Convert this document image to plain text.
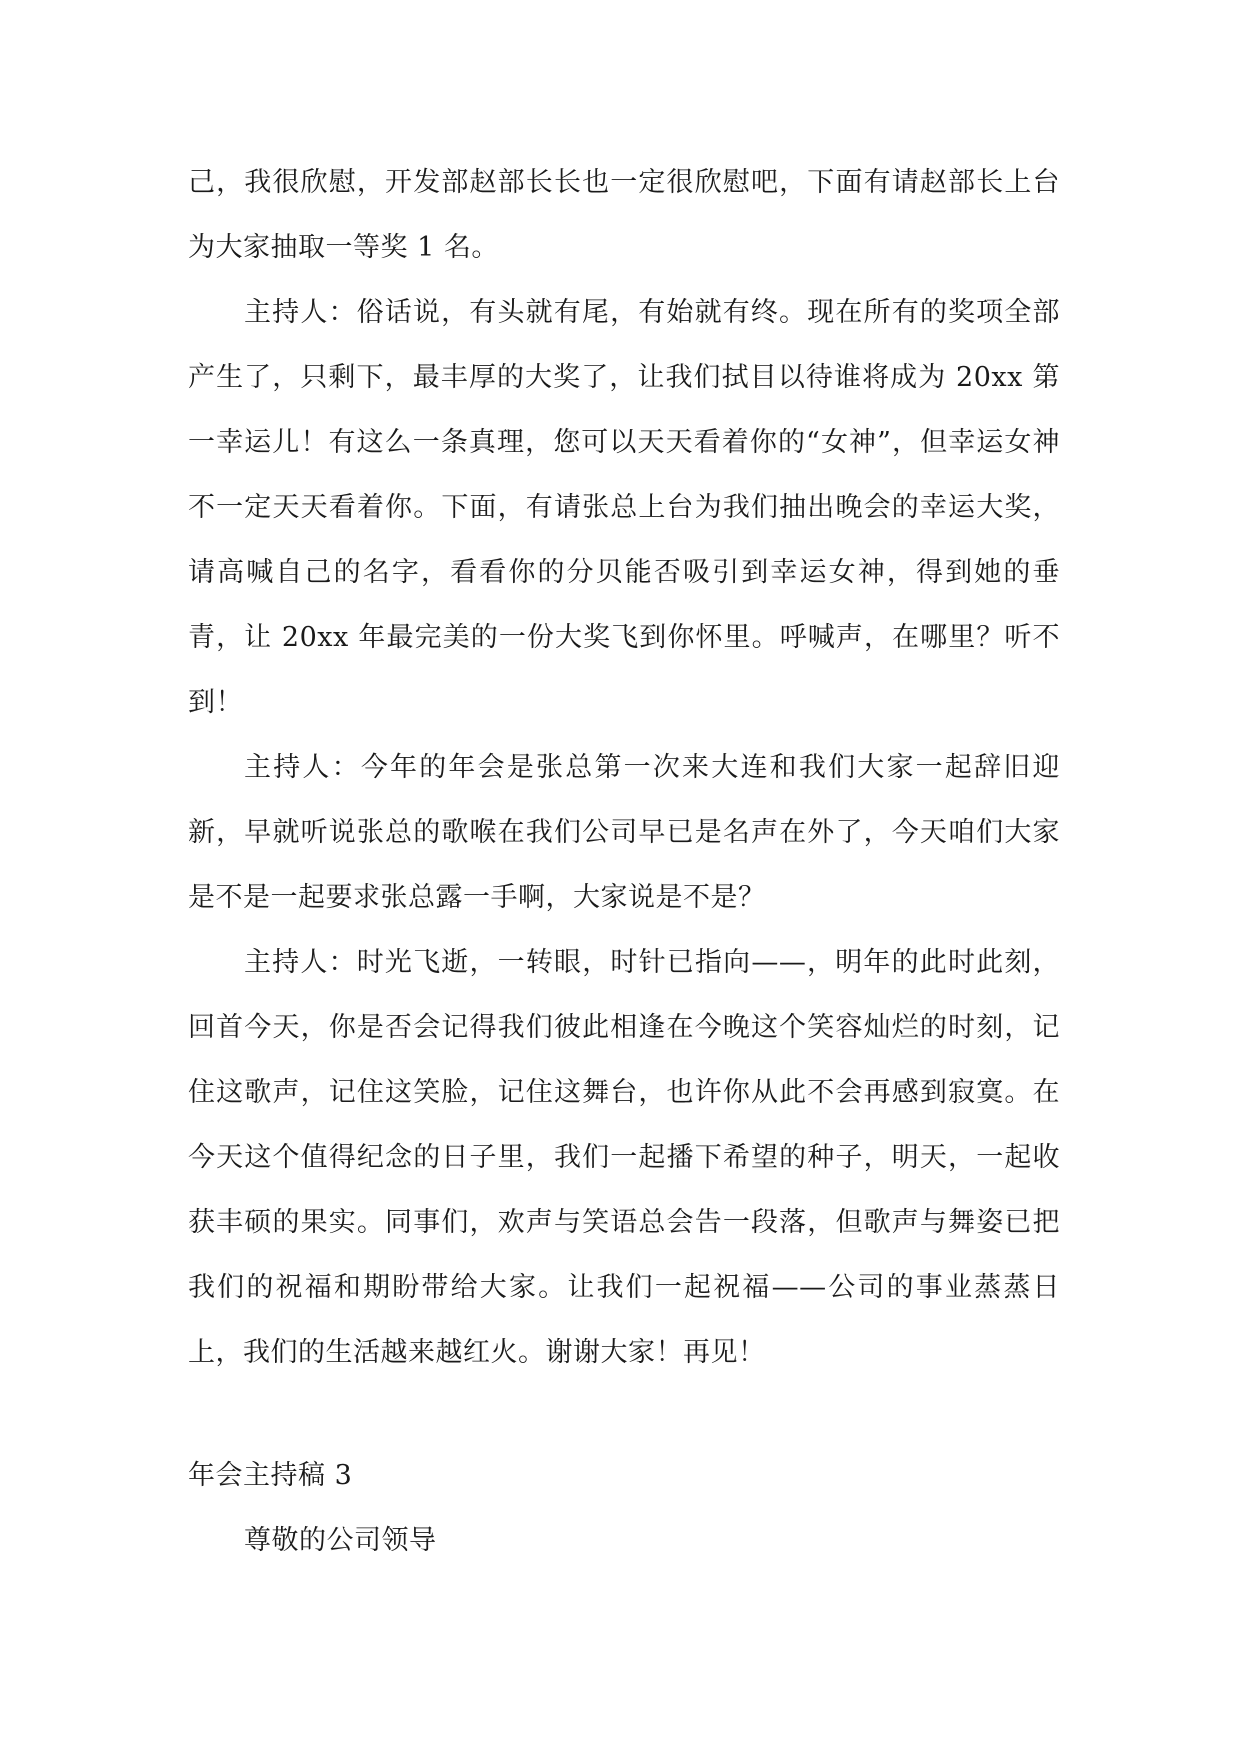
己，我很欣慰，开发部赵部长长也一定很欣慰吧，下面有请赵部长上台为大家抽取一等奖 1 名。

主持人：俗话说，有头就有尾，有始就有终。现在所有的奖项全部产生了，只剩下，最丰厚的大奖了，让我们拭目以待谁将成为 20xx 第一幸运儿！有这么一条真理，您可以天天看着你的“女神”，但幸运女神不一定天天看着你。下面，有请张总上台为我们抽出晚会的幸运大奖，请高喊自己的名字，看看你的分贝能否吸引到幸运女神，得到她的垂青，让 20xx 年最完美的一份大奖飞到你怀里。呼喊声，在哪里？听不到！

主持人：今年的年会是张总第一次来大连和我们大家一起辞旧迎新，早就听说张总的歌喉在我们公司早已是名声在外了，今天咱们大家是不是一起要求张总露一手啊，大家说是不是？

主持人：时光飞逝，一转眼，时针已指向——，明年的此时此刻，回首今天，你是否会记得我们彼此相逢在今晚这个笑容灿烂的时刻，记住这歌声，记住这笑脸，记住这舞台，也许你从此不会再感到寂寞。在今天这个值得纪念的日子里，我们一起播下希望的种子，明天，一起收获丰硕的果实。同事们，欢声与笑语总会告一段落，但歌声与舞姿已把我们的祝福和期盼带给大家。让我们一起祝福——公司的事业蒸蒸日上，我们的生活越来越红火。谢谢大家！再见！

年会主持稿 3

尊敬的公司领导
